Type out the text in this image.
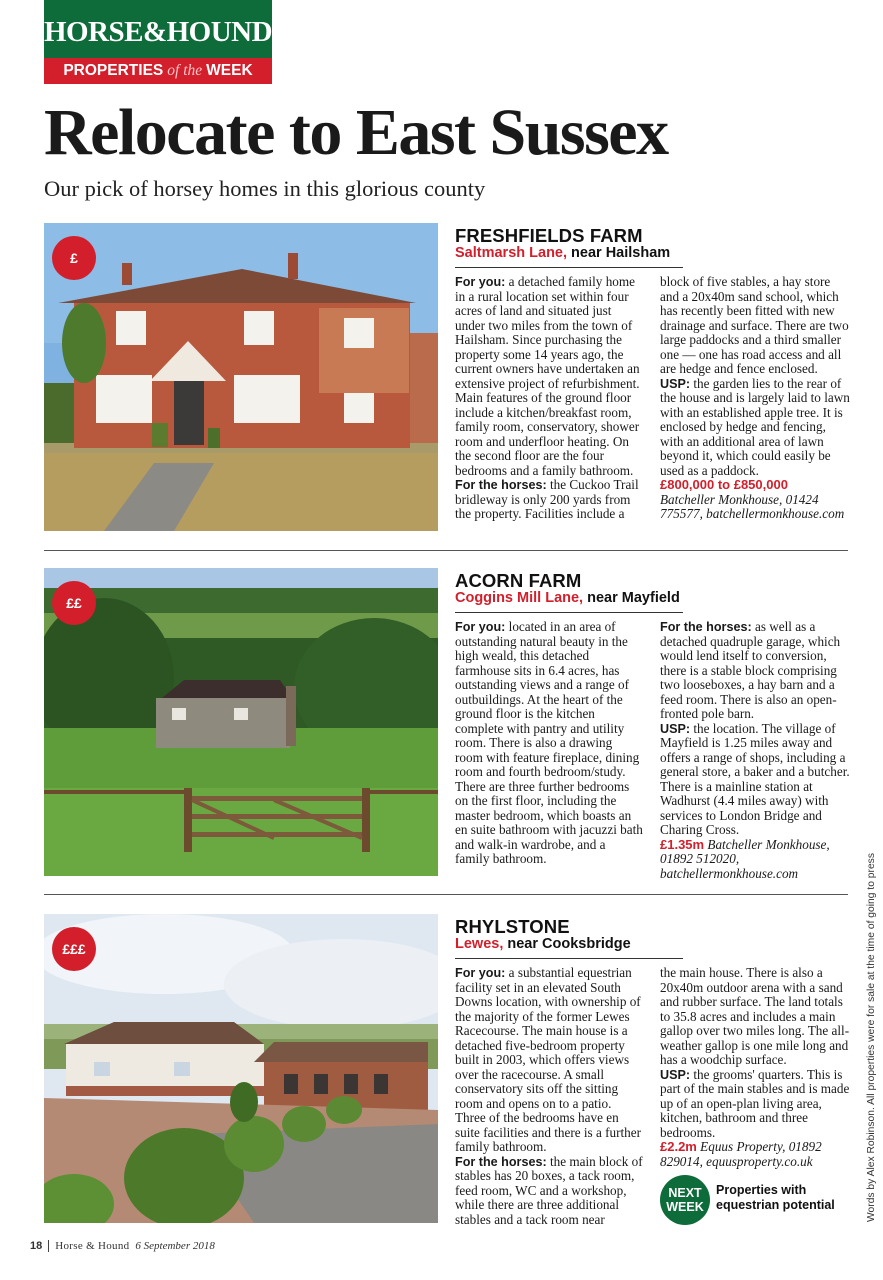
HORSE&HOUND
PROPERTIES of the WEEK
Relocate to East Sussex

Our pick of horsey homes in this glorious county

£
FRESHFIELDS FARM
Saltmarsh Lane, near Hailsham

For you: a detached family home in a rural location set within four acres of land and situated just under two miles from the town of Hailsham. Since purchasing the property some 14 years ago, the current owners have undertaken an extensive project of refurbishment. Main features of the ground floor include a kitchen/breakfast room, family room, conservatory, shower room and underfloor heating. On the second floor are the four bedrooms and a family bathroom.

For the horses: the Cuckoo Trail bridleway is only 200 yards from the property. Facilities include a

block of five stables, a hay store and a 20x40m sand school, which has recently been fitted with new drainage and surface. There are two large paddocks and a third smaller one — one has road access and all are hedge and fence enclosed.

USP: the garden lies to the rear of the house and is largely laid to lawn with an established apple tree. It is enclosed by hedge and fencing, with an additional area of lawn beyond it, which could easily be used as a paddock.

£800,000 to £850,000

Batcheller Monkhouse, 01424 775577, batchellermonkhouse.com

££
ACORN FARM
Coggins Mill Lane, near Mayfield

For you: located in an area of outstanding natural beauty in the high weald, this detached farmhouse sits in 6.4 acres, has outstanding views and a range of outbuildings. At the heart of the ground floor is the kitchen complete with pantry and utility room. There is also a drawing room with feature fireplace, dining room and fourth bedroom/study. There are three further bedrooms on the first floor, including the master bedroom, which boasts an en suite bathroom with jacuzzi bath and walk-in wardrobe, and a family bathroom.

For the horses: as well as a detached quadruple garage, which would lend itself to conversion, there is a stable block comprising two looseboxes, a hay barn and a feed room. There is also an open-fronted pole barn.

USP: the location. The village of Mayfield is 1.25 miles away and offers a range of shops, including a general store, a baker and a butcher. There is a mainline station at Wadhurst (4.4 miles away) with services to London Bridge and Charing Cross.

£1.35m Batcheller Monkhouse, 01892 512020, batchellermonkhouse.com

£££
RHYLSTONE
Lewes, near Cooksbridge

For you: a substantial equestrian facility set in an elevated South Downs location, with ownership of the majority of the former Lewes Racecourse. The main house is a detached five-bedroom property built in 2003, which offers views over the racecourse. A small conservatory sits off the sitting room and opens on to a patio. Three of the bedrooms have en suite facilities and there is a further family bathroom.

For the horses: the main block of stables has 20 boxes, a tack room, feed room, WC and a workshop, while there are three additional stables and a tack room near

the main house. There is also a 20x40m outdoor arena with a sand and rubber surface. The land totals to 35.8 acres and includes a main gallop over two miles long. The all-weather gallop is one mile long and has a woodchip surface.

USP: the grooms' quarters. This is part of the main stables and is made up of an open-plan living area, kitchen, bathroom and three bedrooms.

£2.2m Equus Property, 01892 829014, equusproperty.co.uk

NEXT
WEEK
Properties with equestrian potential	Words by Alex Robinson. All properties were for sale at the time of going to press
18 Horse & Hound 6 September 2018
